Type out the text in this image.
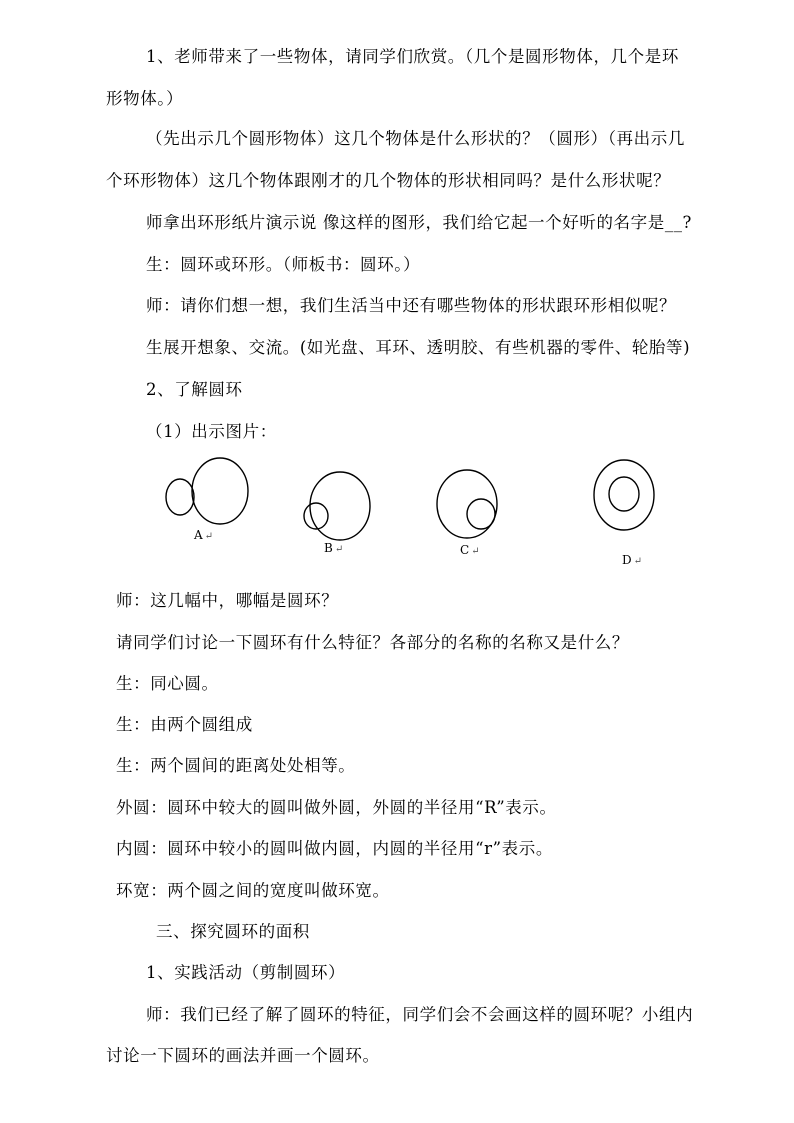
1、老师带来了一些物体，请同学们欣赏。（几个是圆形物体，几个是环
形物体。）
（先出示几个圆形物体）这几个物体是什么形状的？（圆形）（再出示几
个环形物体）这几个物体跟刚才的几个物体的形状相同吗？是什么形状呢？
师拿出环形纸片演示说 像这样的图形，我们给它起一个好听的名字是__?
生：圆环或环形。（师板书：圆环。）
师：请你们想一想，我们生活当中还有哪些物体的形状跟环形相似呢？
生展开想象、交流。(如光盘、耳环、透明胶、有些机器的零件、轮胎等)
2、了解圆环
（1）出示图片：
A ↵
B ↵	C ↵
D ↵
师：这几幅中，哪幅是圆环？
请同学们讨论一下圆环有什么特征？各部分的名称的名称又是什么？
生：同心圆。
生：由两个圆组成
生：两个圆间的距离处处相等。
外圆：圆环中较大的圆叫做外圆，外圆的半径用“R”表示。
内圆：圆环中较小的圆叫做内圆，内圆的半径用“r”表示。
环宽：两个圆之间的宽度叫做环宽。
三、探究圆环的面积
1、实践活动（剪制圆环）
师：我们已经了解了圆环的特征，同学们会不会画这样的圆环呢？小组内
讨论一下圆环的画法并画一个圆环。
